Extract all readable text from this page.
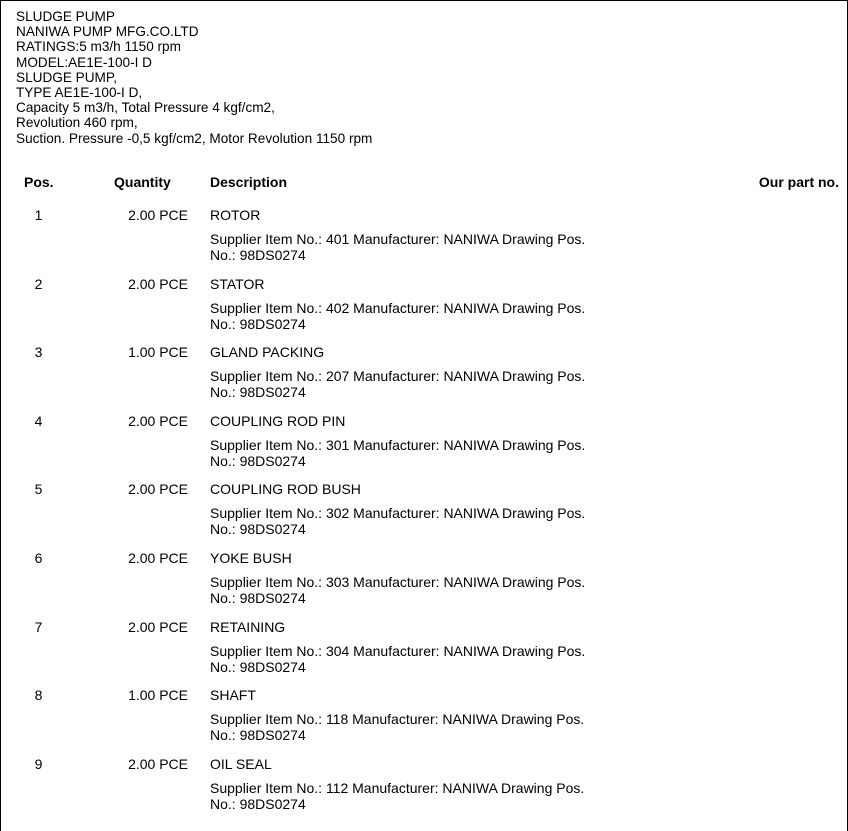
SLUDGE PUMP
NANIWA PUMP MFG.CO.LTD
RATINGS:5 m3/h 1150 rpm
MODEL:AE1E-100-I D
SLUDGE PUMP,
TYPE AE1E-100-I D,
Capacity 5 m3/h, Total Pressure 4 kgf/cm2,
Revolution 460 rpm,
Suction. Pressure -0,5 kgf/cm2, Motor Revolution 1150 rpm
Pos.	Quantity	Description	Our part no.
1	2.00 PCE ROTOR
Supplier Item No.: 401 Manufacturer: NANIWA Drawing Pos.
No.: 98DS0274
2	2.00 PCE STATOR
Supplier Item No.: 402 Manufacturer: NANIWA Drawing Pos.
No.: 98DS0274
3	1.00 PCE GLAND PACKING
Supplier Item No.: 207 Manufacturer: NANIWA Drawing Pos.
No.: 98DS0274
4	2.00 PCE COUPLING ROD PIN
Supplier Item No.: 301 Manufacturer: NANIWA Drawing Pos.
No.: 98DS0274
5	2.00 PCE COUPLING ROD BUSH
Supplier Item No.: 302 Manufacturer: NANIWA Drawing Pos.
No.: 98DS0274
6	2.00 PCE YOKE BUSH
Supplier Item No.: 303 Manufacturer: NANIWA Drawing Pos.
No.: 98DS0274
7	2.00 PCE RETAINING
Supplier Item No.: 304 Manufacturer: NANIWA Drawing Pos.
No.: 98DS0274
8	1.00 PCE SHAFT
Supplier Item No.: 118 Manufacturer: NANIWA Drawing Pos.
No.: 98DS0274
9	2.00 PCE OIL SEAL
Supplier Item No.: 112 Manufacturer: NANIWA Drawing Pos.
No.: 98DS0274
